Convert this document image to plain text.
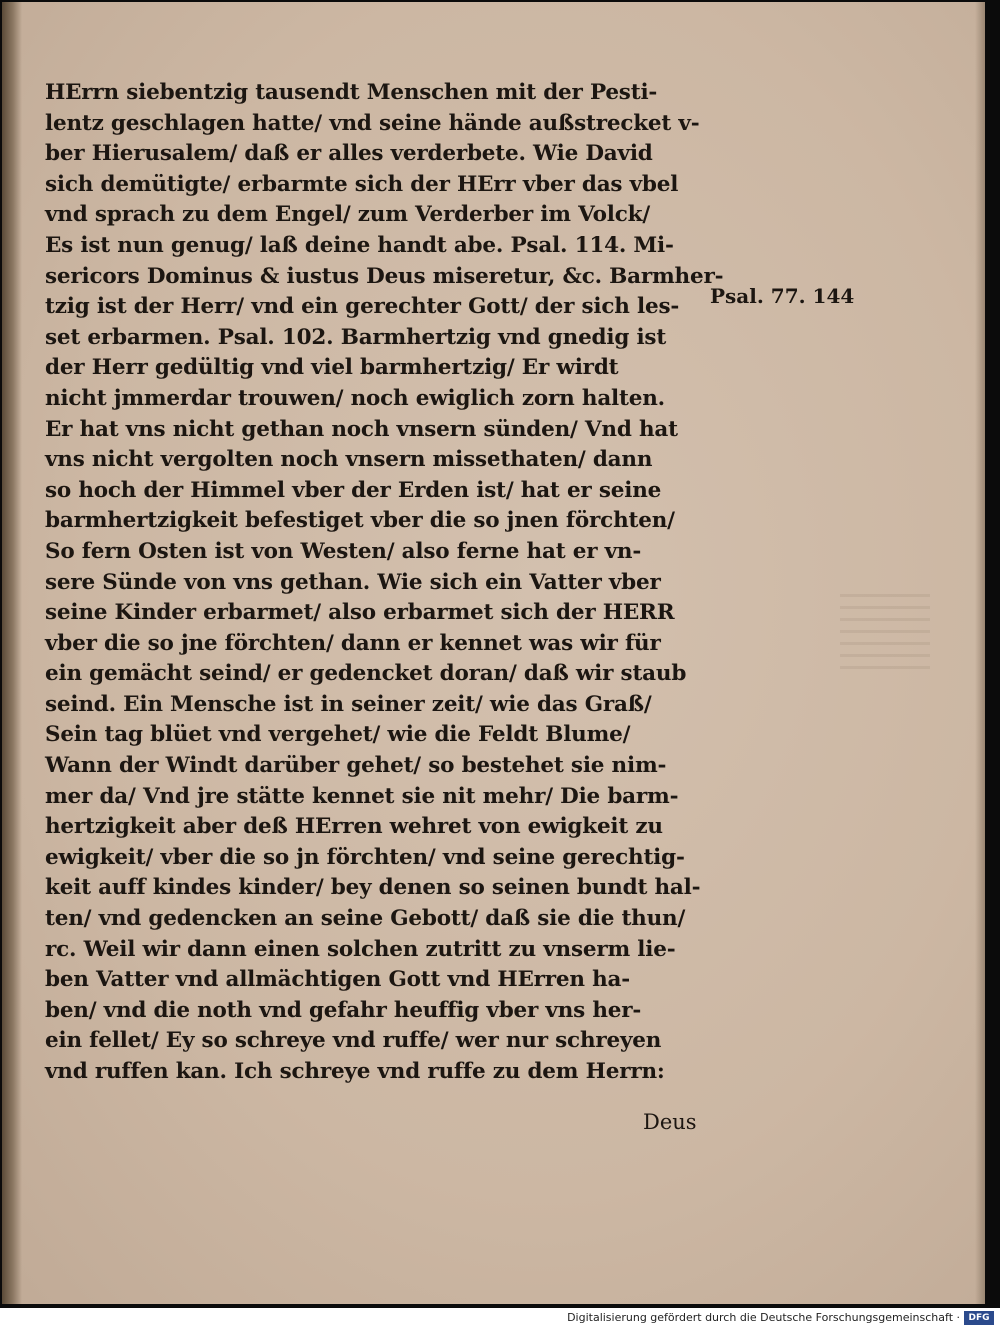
HErrn siebentzig tausendt Menschen mit der Pesti-
lentz geschlagen hatte/ vnd seine hände außstrecket v-
ber Hierusalem/ daß er alles verderbete. Wie David
sich demütigte/ erbarmte sich der HErr vber das vbel
vnd sprach zu dem Engel/ zum Verderber im Volck/
Es ist nun genug/ laß deine handt abe. Psal. 114. Mi-
sericors Dominus & iustus Deus miseretur, &c. Barmher-
tzig ist der Herr/ vnd ein gerechter Gott/ der sich les-
set erbarmen. Psal. 102. Barmhertzig vnd gnedig ist
der Herr gedültig vnd viel barmhertzig/ Er wirdt
nicht jmmerdar trouwen/ noch ewiglich zorn halten.
Er hat vns nicht gethan noch vnsern sünden/ Vnd hat
vns nicht vergolten noch vnsern missethaten/ dann
so hoch der Himmel vber der Erden ist/ hat er seine
barmhertzigkeit befestiget vber die so jnen förchten/
So fern Osten ist von Westen/ also ferne hat er vn-
sere Sünde von vns gethan. Wie sich ein Vatter vber
seine Kinder erbarmet/ also erbarmet sich der HERR
vber die so jne förchten/ dann er kennet was wir für
ein gemächt seind/ er gedencket doran/ daß wir staub
seind. Ein Mensche ist in seiner zeit/ wie das Graß/
Sein tag blüet vnd vergehet/ wie die Feldt Blume/
Wann der Windt darüber gehet/ so bestehet sie nim-
mer da/ Vnd jre stätte kennet sie nit mehr/ Die barm-
hertzigkeit aber deß HErren wehret von ewigkeit zu
ewigkeit/ vber die so jn förchten/ vnd seine gerechtig-
keit auff kindes kinder/ bey denen so seinen bundt hal-
ten/ vnd gedencken an seine Gebott/ daß sie die thun/
rc. Weil wir dann einen solchen zutritt zu vnserm lie-
ben Vatter vnd allmächtigen Gott vnd HErren ha-
ben/ vnd die noth vnd gefahr heuffig vber vns her-
ein fellet/ Ey so schreye vnd ruffe/ wer nur schreyen
vnd ruffen kan. Ich schreye vnd ruffe zu dem Herrn:
Psal. 77. 144
Deus
Digitalisierung gefördert durch die Deutsche Forschungsgemeinschaft · DFG
